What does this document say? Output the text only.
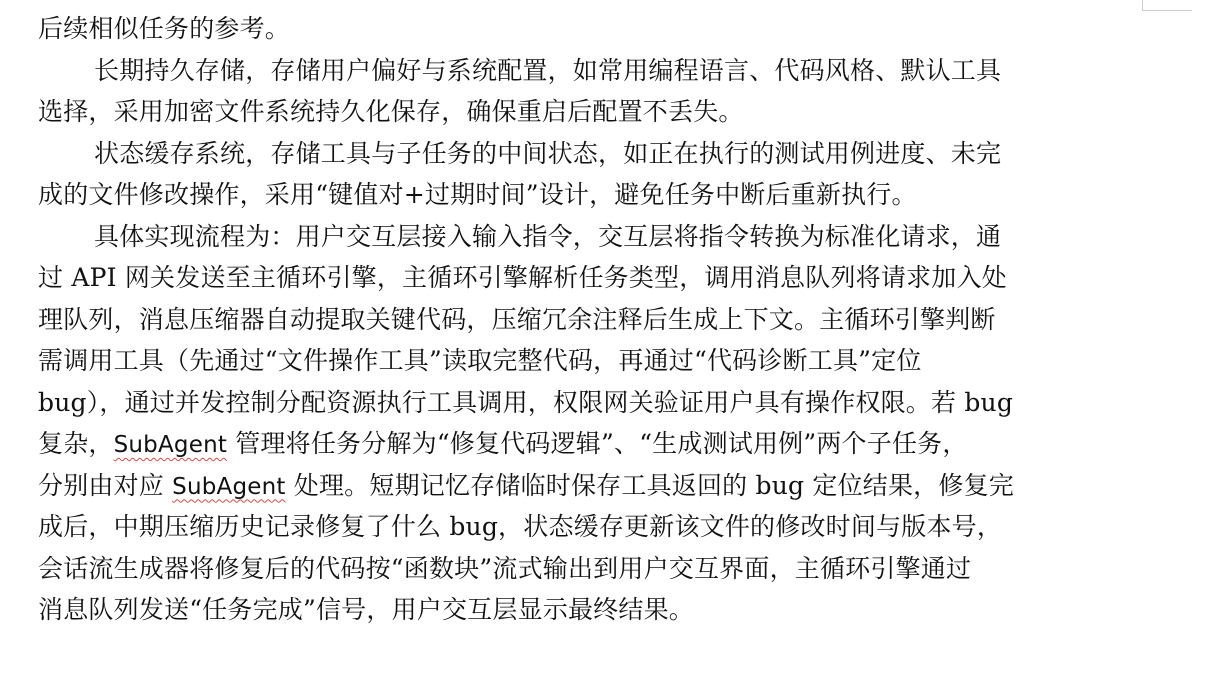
后续相似任务的参考。
长期持久存储，存储用户偏好与系统配置，如常用编程语言、代码风格、默认工具
选择，采用加密文件系统持久化保存，确保重启后配置不丢失。
状态缓存系统，存储工具与子任务的中间状态，如正在执行的测试用例进度、未完
成的文件修改操作，采用“键值对+过期时间”设计，避免任务中断后重新执行。
具体实现流程为：用户交互层接入输入指令，交互层将指令转换为标准化请求，通
过 API 网关发送至主循环引擎，主循环引擎解析任务类型，调用消息队列将请求加入处
理队列，消息压缩器自动提取关键代码，压缩冗余注释后生成上下文。主循环引擎判断
需调用工具（先通过“文件操作工具”读取完整代码，再通过“代码诊断工具”定位
bug），通过并发控制分配资源执行工具调用，权限网关验证用户具有操作权限。若 bug
复杂，SubAgent 管理将任务分解为“修复代码逻辑”、“生成测试用例”两个子任务，
分别由对应 SubAgent 处理。短期记忆存储临时保存工具返回的 bug 定位结果，修复完
成后，中期压缩历史记录修复了什么 bug，状态缓存更新该文件的修改时间与版本号，
会话流生成器将修复后的代码按“函数块”流式输出到用户交互界面，主循环引擎通过
消息队列发送“任务完成”信号，用户交互层显示最终结果。
